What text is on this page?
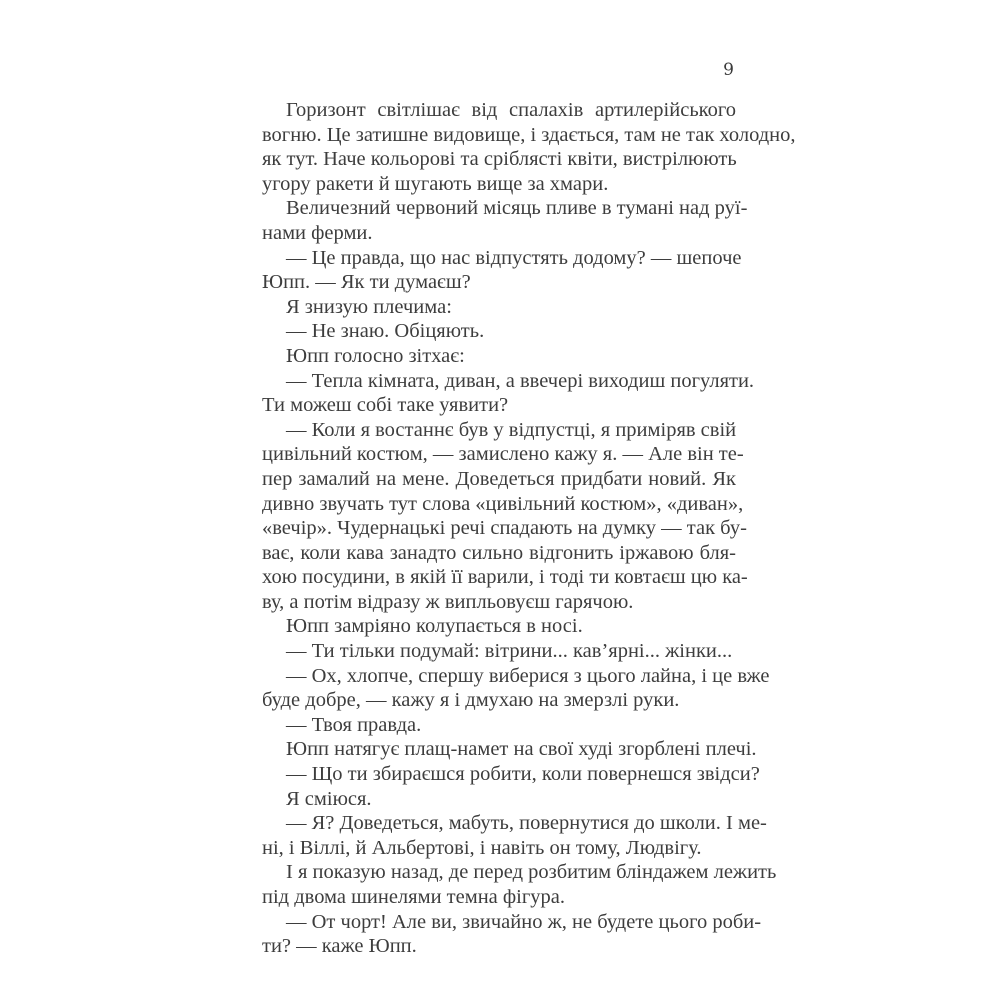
9
Горизонт світлішає від спалахів артилерійського
вогню. Це затишне видовище, і здається, там не так холодно,
як тут. Наче кольорові та сріблясті квіти, вистрілюють
угору ракети й шугають вище за хмари.
Величезний червоний місяць пливе в тумані над руї-
нами ферми.
— Це правда, що нас відпустять додому? — шепоче
Юпп. — Як ти думаєш?
Я знизую плечима:
— Не знаю. Обіцяють.
Юпп голосно зітхає:
— Тепла кімната, диван, а ввечері виходиш погуляти.
Ти можеш собі таке уявити?
— Коли я востаннє був у відпустці, я приміряв свій
цивільний костюм, — замислено кажу я. — Але він те-
пер замалий на мене. Доведеться придбати новий. Як
дивно звучать тут слова «цивільний костюм», «диван»,
«вечір». Чудернацькі речі спадають на думку — так бу-
ває, коли кава занадто сильно відгонить іржавою бля-
хою посудини, в якій її варили, і тоді ти ковтаєш цю ка-
ву, а потім відразу ж випльовуєш гарячою.
Юпп замріяно колупається в носі.
— Ти тільки подумай: вітрини... кав’ярні... жінки...
— Ох, хлопче, спершу виберися з цього лайна, і це вже
буде добре, — кажу я і дмухаю на змерзлі руки.
— Твоя правда.
Юпп натягує плащ-намет на свої худі згорблені плечі.
— Що ти збираєшся робити, коли повернешся звідси?
Я сміюся.
— Я? Доведеться, мабуть, повернутися до школи. І ме-
ні, і Віллі, й Альбертові, і навіть он тому, Людвігу.
І я показую назад, де перед розбитим бліндажем лежить
під двома шинелями темна фігура.
— От чорт! Але ви, звичайно ж, не будете цього роби-
ти? — каже Юпп.
